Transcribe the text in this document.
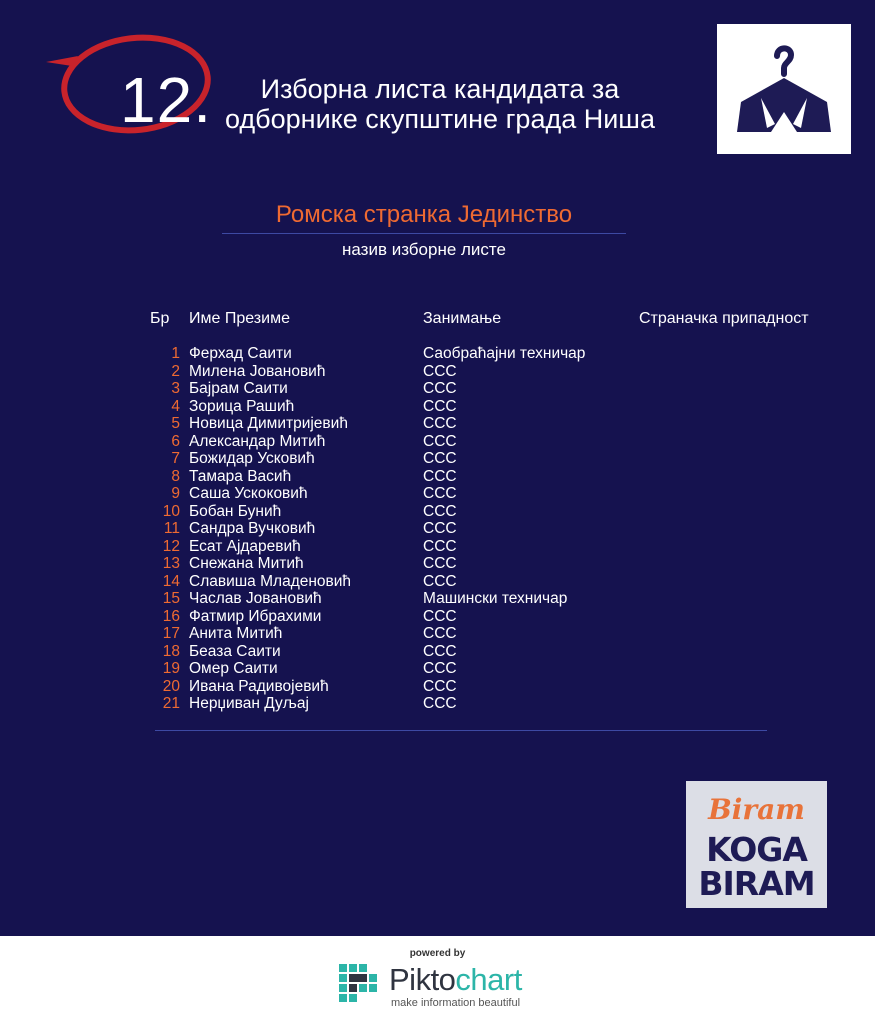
12.	Изборна листа кандидата за
одборнике скупштине града Ниша
Ромска странка Јединство
назив изборне листе
Бр Име Презиме	Занимање	Страначка припадност
1 Ферхад Саити	Саобраћајни техничар
2 Милена Јовановић	ССС
3 Бајрам Саити	ССС
4 Зорица Рашић	ССС
5 Новица Димитријевић	ССС
6 Александар Митић	ССС
7 Божидар Ускoвић	ССС
8 Тамара Васић	ССС
9 Саша Ускоковић	ССС
10 Бобан Бунић	ССС
11 Сандра Вучковић	ССС
12 Есат Ајдаревић	ССС
13 Снежана Митић	ССС
14 Славиша Младеновић	ССС
15 Часлав Јовановић	Машински техничар
16 Фатмир Ибрахими	ССС
17 Анита Митић	ССС
18 Беаза Саити	ССС
19 Омер Саити	ССС
20 Ивана Радивојевић	ССС
21 Нерџиван Дуљај	ССС
Biram
KOGA
BIRAM
powered by
Piktochart
make information beautiful
